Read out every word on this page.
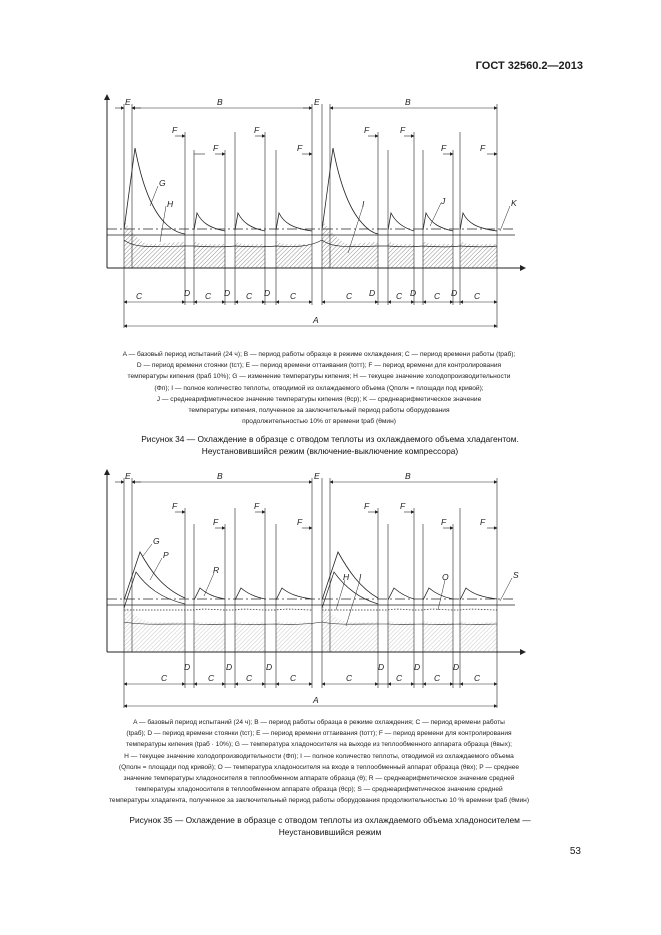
ГОСТ 32560.2—2013
E	B	E	B
F
F
F
F
F	F
F	F
G
H	I	J	K
C	D C D C D C	C D C D C D C
A

A — базовый период испытаний (24 ч); B — период работы образце в режиме охлаждения; C — период времени работы (tраб);

D — период времени стоянки (tст); E — период времени оттаивания (tотт); F — период времени для контролирования

температуры кипения (tраб 10%); G — изменение температуры кипения; H — текущее значение холодопроизводительности

(Φп); I — полное количество теплоты, отводимой из охлаждаемого объема (Qполн = площади под кривой);

J — среднеарифметическое значение температуры кипения (θср); K — среднеарифметическое значение

температуры кипения, полученное за заключительный период работы оборудования

продолжительностью 10% от времени tраб (θмин)

Рисунок 34 — Охлаждение в образце с отводом теплоты из охлаждаемого объема хладагентом.
Неустановившийся режим (включение-выключение компрессора)
E	B	E	B
F
F
F
F
F	F
F	F
G
P
R
H I	O	S
C
D
C
D
C
D
C	C
D
C
D
C
D
C
A

A — базовый период испытаний (24 ч); B — период работы образца в режиме охлаждения; C — период времени работы

(tраб); D — период времени стоянки (tст); E — период времени оттаивания (tотт); F — период времени для контролирования

температуры кипения (tраб · 10%); G — температура хладоносителя на выходе из теплообменного аппарата образца (θвых);

H — текущее значение холодопроизводительности (Φп); I — полное количество теплоты, отводимой из охлаждаемого объема

(Qполн = площади под кривой); O — температура хладоносителя на входе в теплообменный аппарат образца (θвх); P — среднее

значение температуры хладоносителя в теплообменном аппарате образца (θ); R — среднеарифметическое значение средней

температуры хладоносителя в теплообменном аппарате образца (θср); S — среднеарифметическое значение средней

температуры хладагента, полученное за заключительный период работы оборудования продолжительностью 10 % времени tраб (θмин)

Рисунок 35 — Охлаждение в образце с отводом теплоты из охлаждаемого объема хладоносителем —
Неустановившийся режим
53
